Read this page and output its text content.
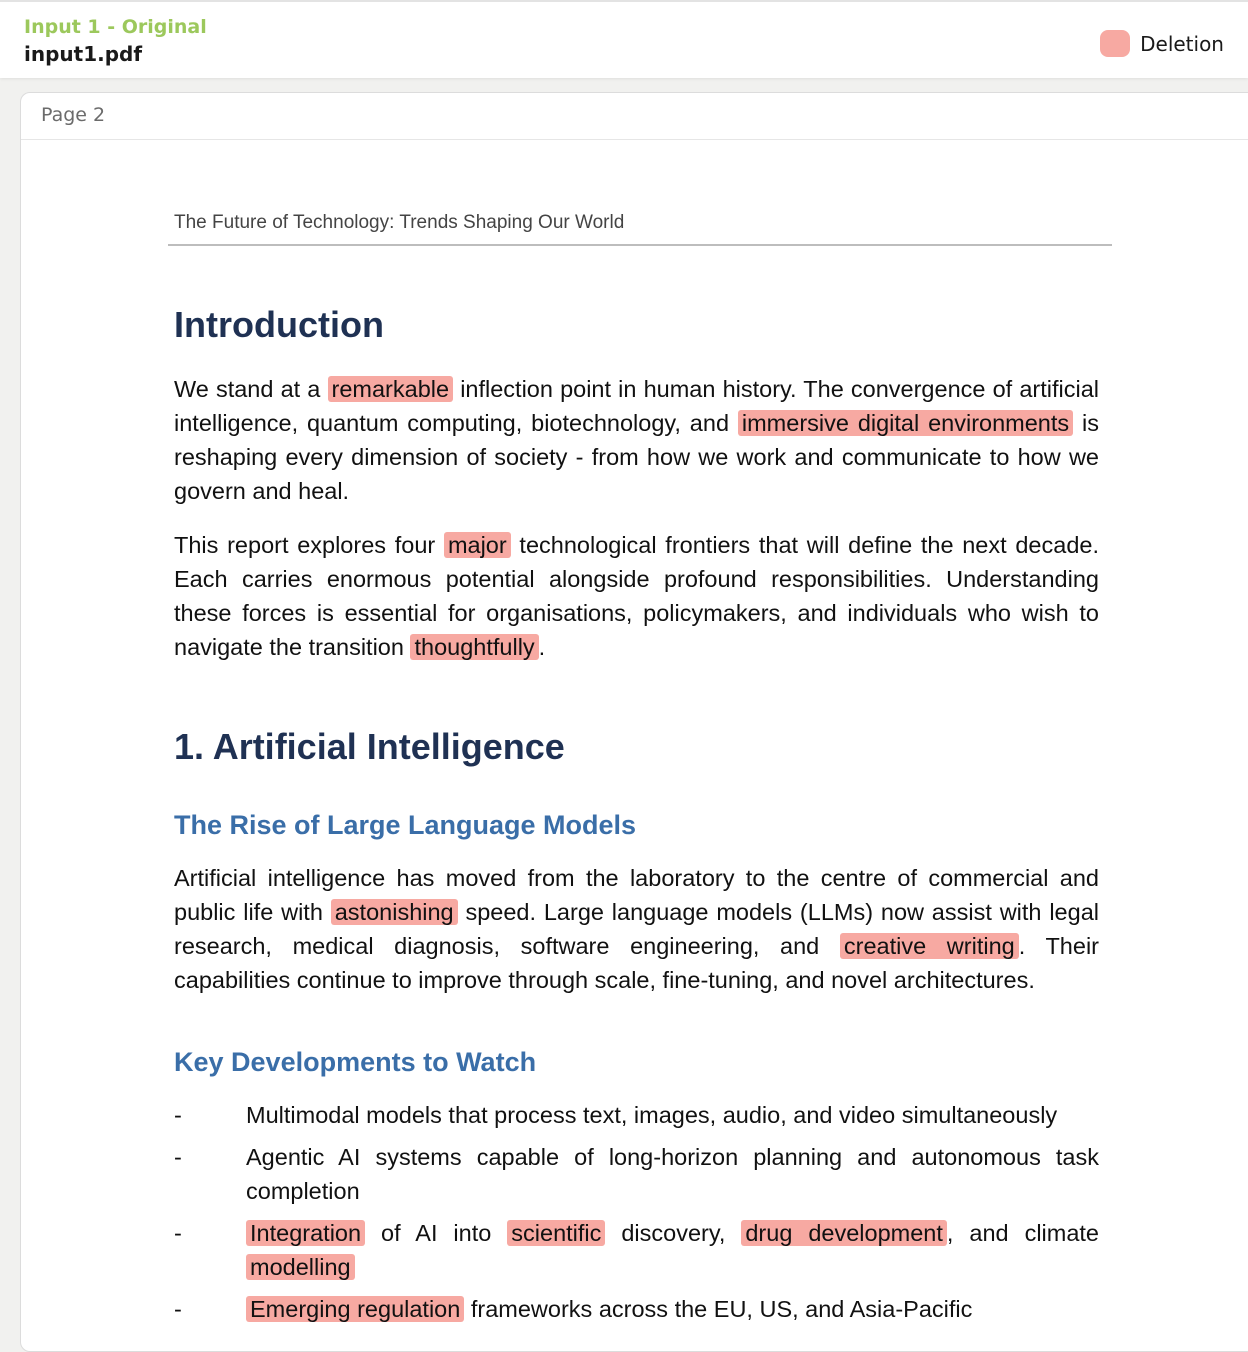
Input 1 - Original
input1.pdf	Deletion
Page 2
The Future of Technology: Trends Shaping Our World
Introduction

We stand at a remarkable inflection point in human history. The convergence of artificial intelligence, quantum computing, biotechnology, and immersive digital environments is reshaping every dimension of society - from how we work and communicate to how we govern and heal.

This report explores four major technological frontiers that will define the next decade. Each carries enormous potential alongside profound responsibilities. Understanding these forces is essential for organisations, policymakers, and individuals who wish to navigate the transition thoughtfully .

1. Artificial Intelligence
The Rise of Large Language Models

Artificial intelligence has moved from the laboratory to the centre of commercial and public life with astonishing speed. Large language models (LLMs) now assist with legal research, medical diagnosis, software engineering, and creative writing . Their capabilities continue to improve through scale, fine-tuning, and novel architectures.

Key Developments to Watch
-	Multimodal models that process text, images, audio, and video simultaneously
-	Agentic AI systems capable of long-horizon planning and autonomous task completion
-	Integration of AI into scientific discovery, drug development , and climate modelling
-	Emerging regulation frameworks across the EU, US, and Asia-Pacific
